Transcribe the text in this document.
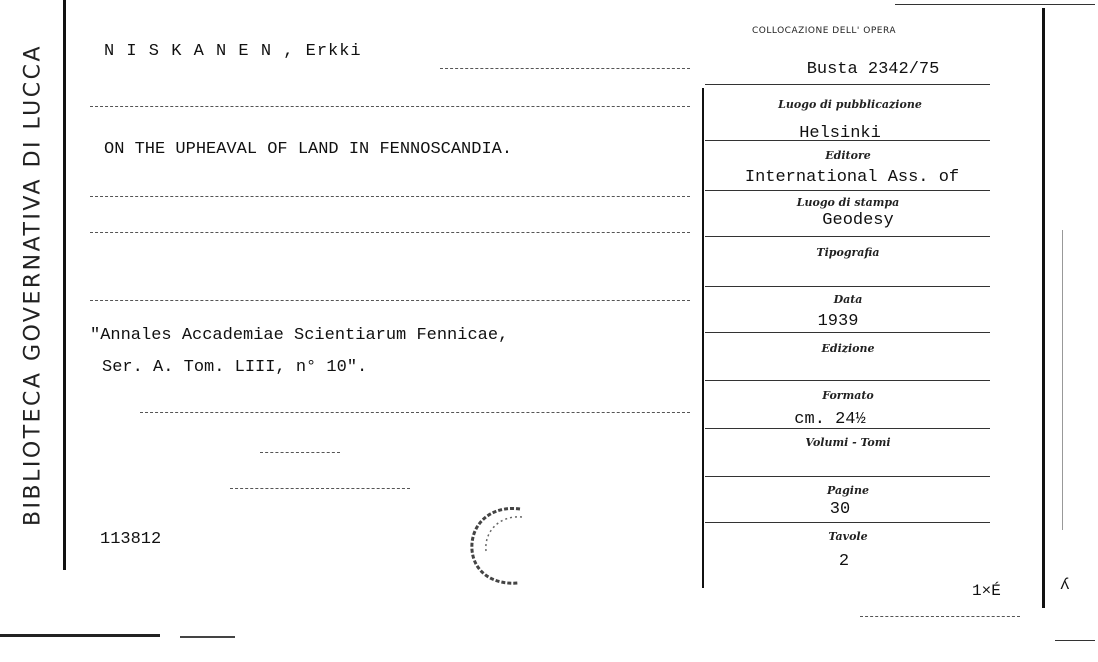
BIBLIOTECA GOVERNATIVA DI LUCCA	N I S K A N E N , Erkki
ON THE UPHEAVAL OF LAND IN FENNOSCANDIA.
"Annales Accademiae Scientiarum Fennicae,
Ser. A. Tom. LIII, n° 10".
113812
COLLOCAZIONE DELL' OPERA
Busta 2342/75
Luogo di pubblicazione
Helsinki
Editore
International Ass. of
Luogo di stampa
Geodesy
Tipografia
Data
1939
Edizione
Formato
cm. 24½
Volumi - Tomi
Pagine
30
Tavole
2
1×É	ʎ
